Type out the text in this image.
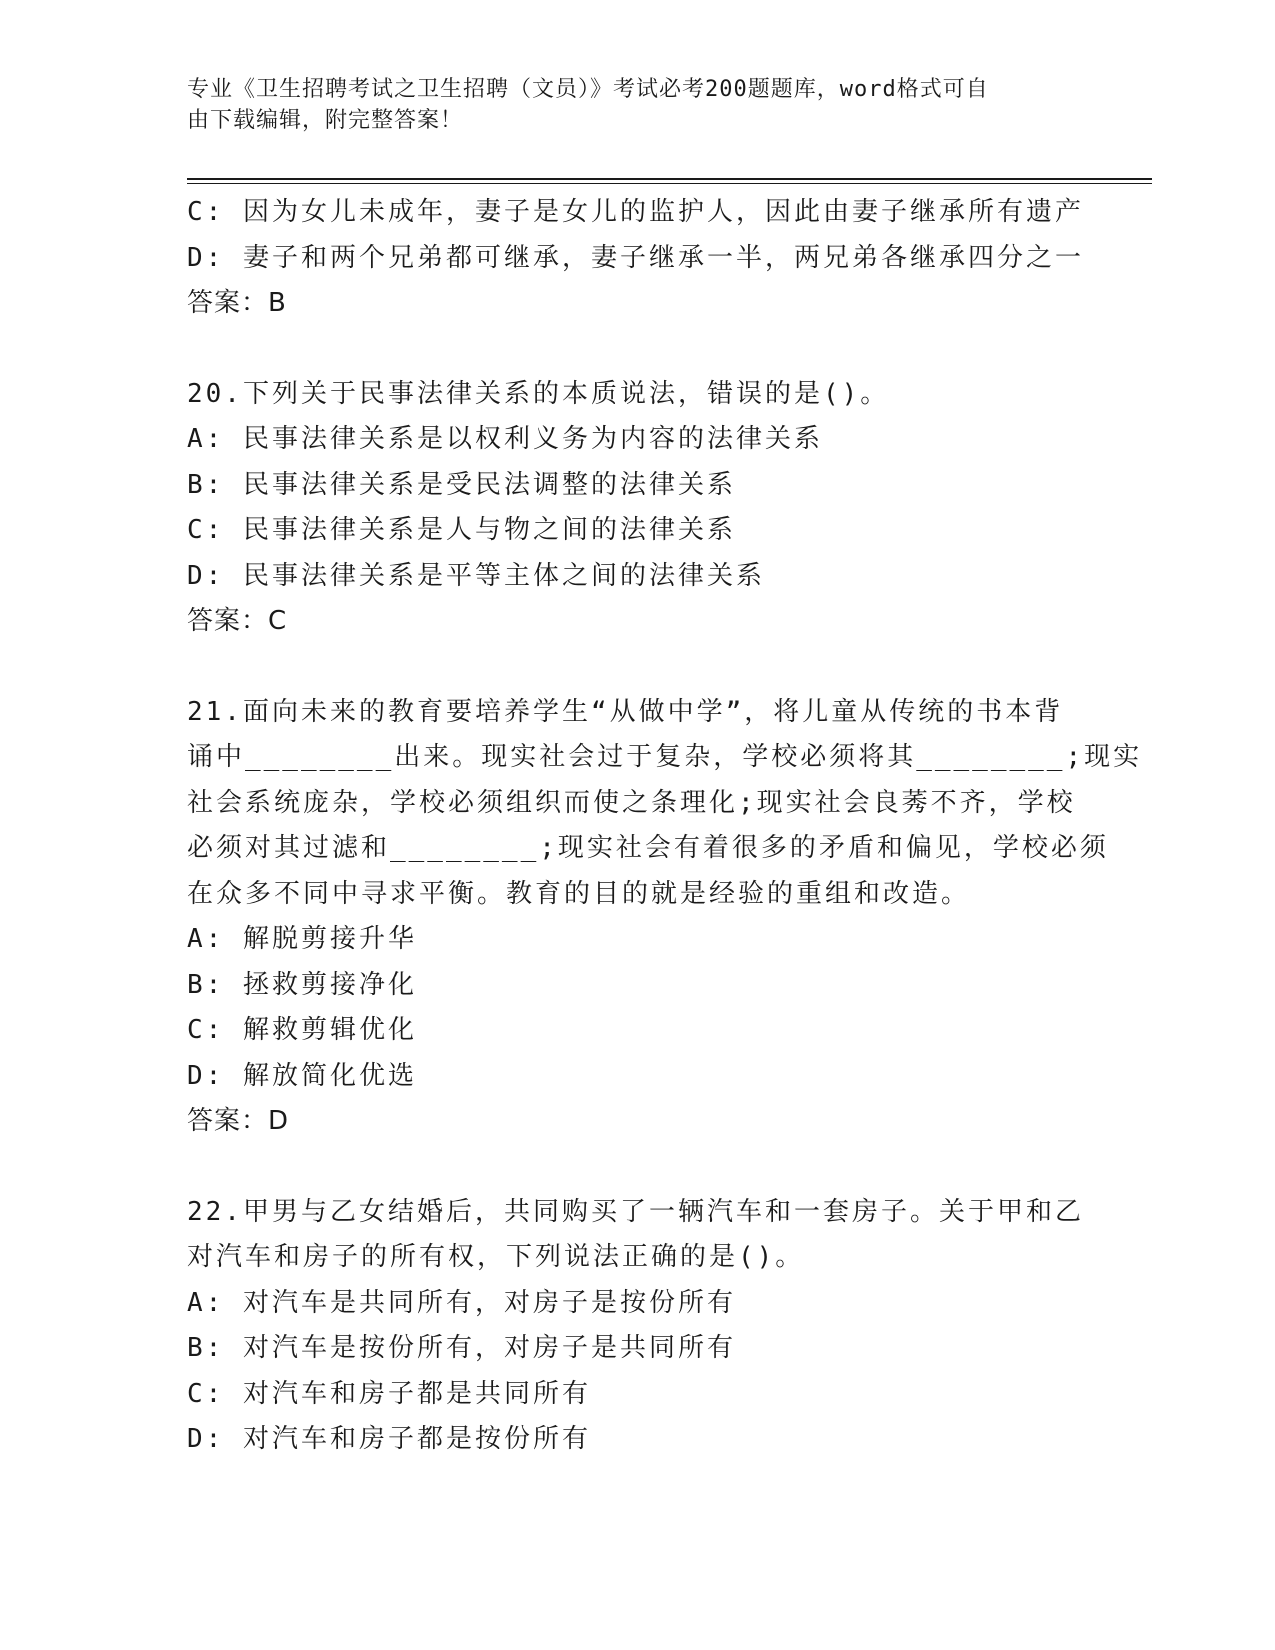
专业《卫生招聘考试之卫生招聘（文员）》考试必考200题题库，word格式可自
由下载编辑，附完整答案！
C: 因为女儿未成年，妻子是女儿的监护人，因此由妻子继承所有遗产
D: 妻子和两个兄弟都可继承，妻子继承一半，两兄弟各继承四分之一
答案：B
20.下列关于民事法律关系的本质说法，错误的是()。
A: 民事法律关系是以权利义务为内容的法律关系
B: 民事法律关系是受民法调整的法律关系
C: 民事法律关系是人与物之间的法律关系
D: 民事法律关系是平等主体之间的法律关系
答案：C
21.面向未来的教育要培养学生“从做中学”，将儿童从传统的书本背
诵中________出来。现实社会过于复杂，学校必须将其________;现实
社会系统庞杂，学校必须组织而使之条理化;现实社会良莠不齐，学校
必须对其过滤和________;现实社会有着很多的矛盾和偏见，学校必须
在众多不同中寻求平衡。教育的目的就是经验的重组和改造。
A: 解脱剪接升华
B: 拯救剪接净化
C: 解救剪辑优化
D: 解放简化优选
答案：D
22.甲男与乙女结婚后，共同购买了一辆汽车和一套房子。关于甲和乙
对汽车和房子的所有权，下列说法正确的是()。
A: 对汽车是共同所有，对房子是按份所有
B: 对汽车是按份所有，对房子是共同所有
C: 对汽车和房子都是共同所有
D: 对汽车和房子都是按份所有
